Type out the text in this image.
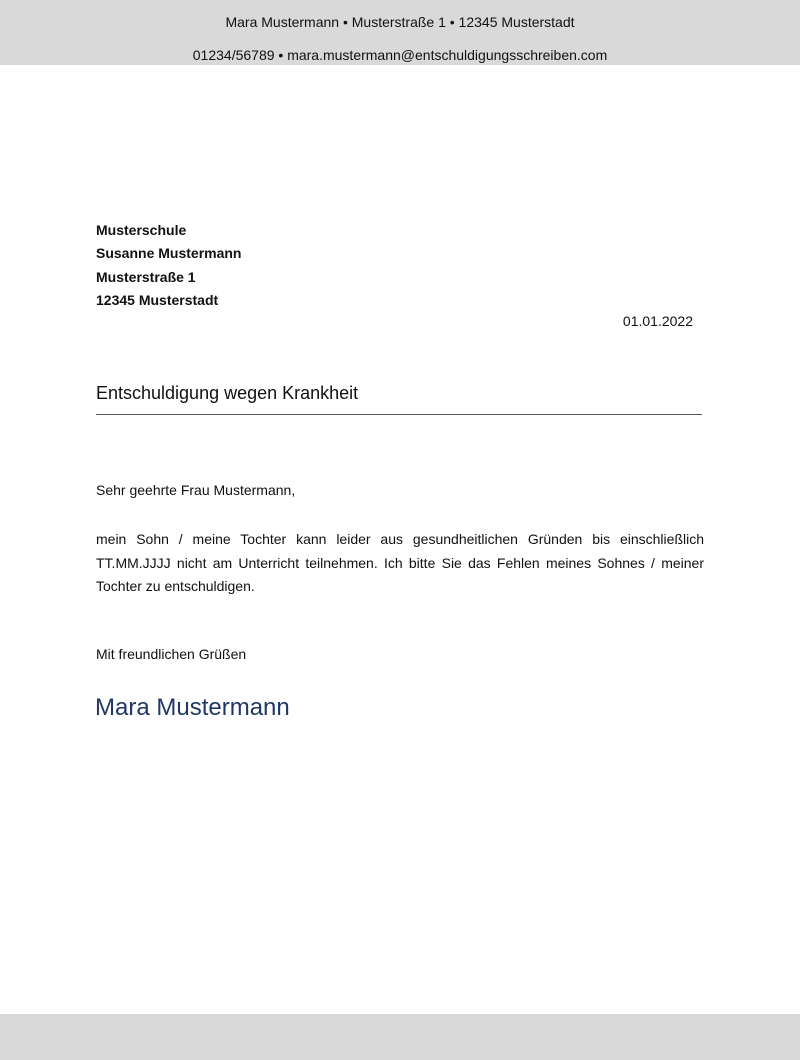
Mara Mustermann • Musterstraße 1 • 12345 Musterstadt
01234/56789 • mara.mustermann@entschuldigungsschreiben.com
Musterschule
Susanne Mustermann
Musterstraße 1
12345 Musterstadt
01.01.2022
Entschuldigung wegen Krankheit
Sehr geehrte Frau Mustermann,

mein Sohn / meine Tochter kann leider aus gesundheitlichen Gründen bis einschließlich TT.MM.JJJJ nicht am Unterricht teilnehmen. Ich bitte Sie das Fehlen meines Sohnes / meiner Tochter zu entschuldigen.

Mit freundlichen Grüßen
Mara Mustermann
